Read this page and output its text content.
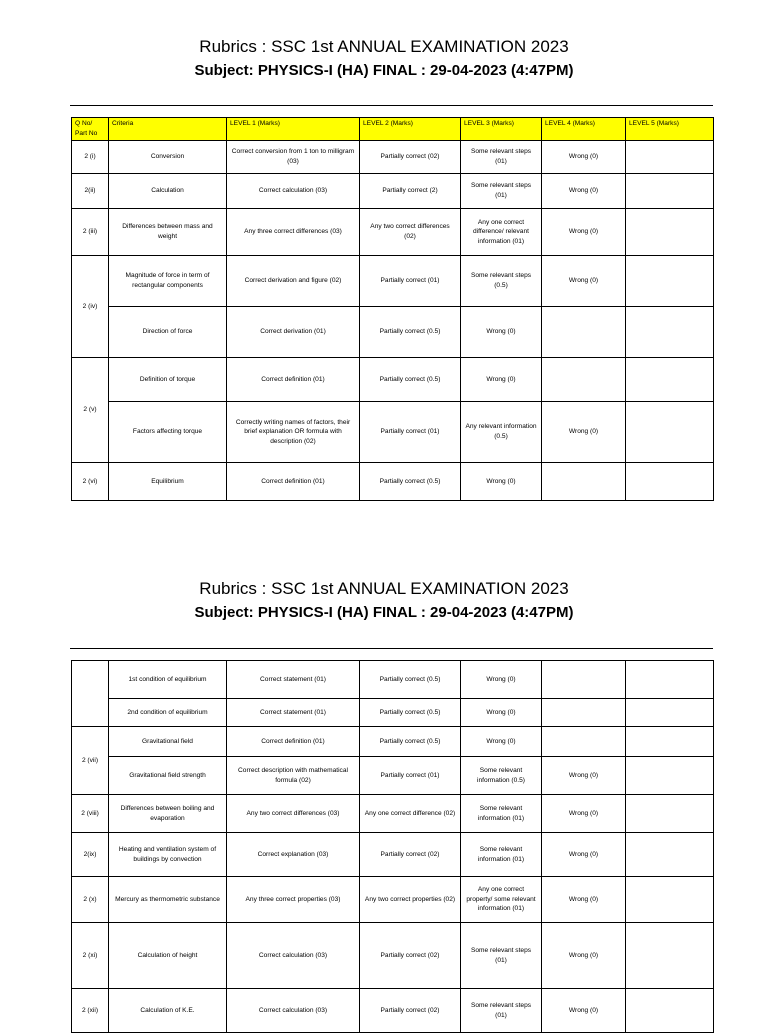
Rubrics : SSC 1st ANNUAL EXAMINATION 2023
Subject: PHYSICS-I (HA) FINAL : 29-04-2023 (4:47PM)
Q No/ Part No	Criteria	LEVEL 1 (Marks)	LEVEL 2 (Marks)	LEVEL 3 (Marks)	LEVEL 4 (Marks)	LEVEL 5 (Marks)
2 (i)	Conversion	Correct conversion from 1 ton to milligram (03)	Partially correct (02)	Some relevant steps (01)	Wrong (0)	
2(ii)	Calculation	Correct calculation (03)	Partially correct (2)	Some relevant steps (01)	Wrong (0)	
2 (iii)	Differences between mass and weight	Any three correct differences (03)	Any two correct differences (02)	Any one correct difference/ relevant information (01)	Wrong (0)	
2 (iv)	Magnitude of force in term of rectangular components	Correct derivation and figure (02)	Partially correct (01)	Some relevant steps (0.5)	Wrong (0)	
	Direction of force	Correct derivation (01)	Partially correct (0.5)	Wrong (0)		
2 (v)	Definition of torque	Correct definition (01)	Partially correct (0.5)	Wrong (0)		
	Factors affecting torque	Correctly writing names of factors, their brief explanation OR formula with description (02)	Partially correct (01)	Any relevant information (0.5)	Wrong (0)	
2 (vi)	Equilibrium	Correct definition (01)	Partially correct (0.5)	Wrong (0)		
Rubrics : SSC 1st ANNUAL EXAMINATION 2023
Subject: PHYSICS-I (HA) FINAL : 29-04-2023 (4:47PM)
	1st condition of equilibrium	Correct statement (01)	Partially correct (0.5)	Wrong (0)		
	2nd condition of equilibrium	Correct statement (01)	Partially correct (0.5)	Wrong (0)		
2 (vii)	Gravitational field	Correct definition (01)	Partially correct (0.5)	Wrong (0)		
	Gravitational field strength	Correct description with mathematical formula (02)	Partially correct (01)	Some relevant information (0.5)	Wrong (0)	
2 (viii)	Differences between boiling and evaporation	Any two correct differences (03)	Any one correct difference (02)	Some relevant information (01)	Wrong (0)	
2(ix)	Heating and ventilation system of buildings by convection	Correct explanation (03)	Partially correct (02)	Some relevant information (01)	Wrong (0)	
2 (x)	Mercury as thermometric substance	Any three correct properties (03)	Any two correct properties (02)	Any one correct property/ some relevant information (01)	Wrong (0)	
2 (xi)	Calculation of height	Correct calculation (03)	Partially correct (02)	Some relevant steps (01)	Wrong (0)	
2 (xii)	Calculation of K.E.	Correct calculation (03)	Partially correct (02)	Some relevant steps (01)	Wrong (0)	
